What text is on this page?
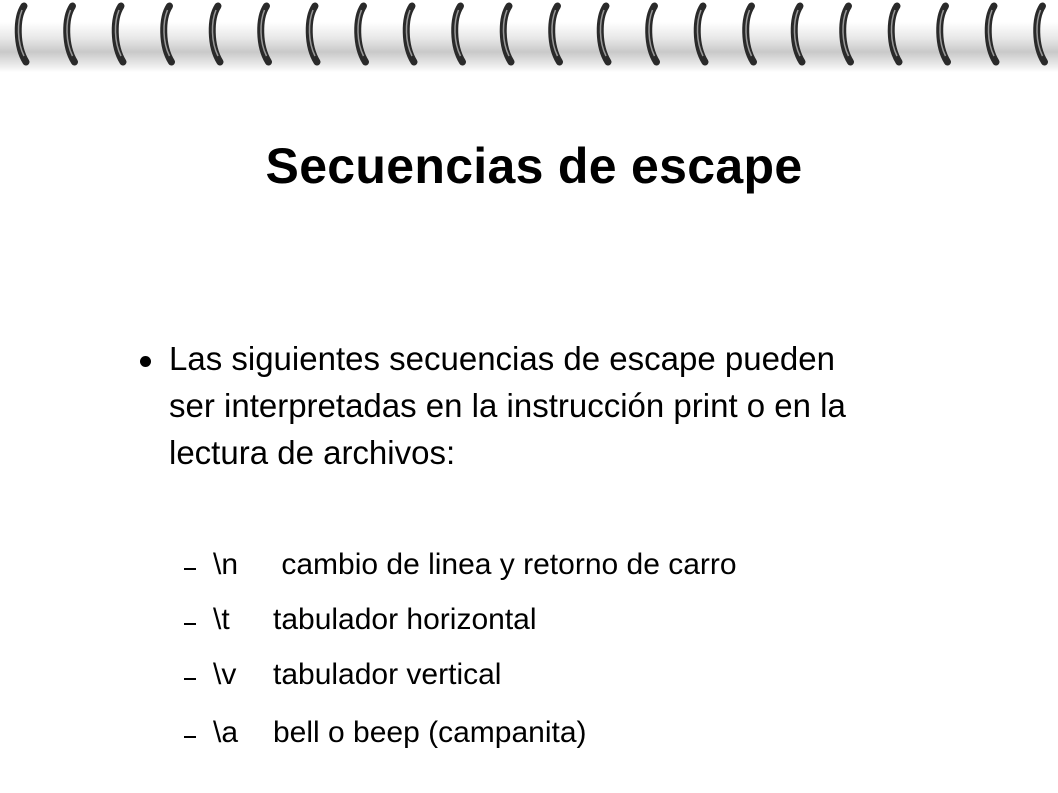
Secuencias de escape

Las siguientes secuencias de escape pueden ser interpretadas en la instrucción print o en la lectura de archivos:

\n	cambio de linea y retorno de carro
\t	tabulador horizontal
\v	tabulador vertical
\a	bell o beep (campanita)
